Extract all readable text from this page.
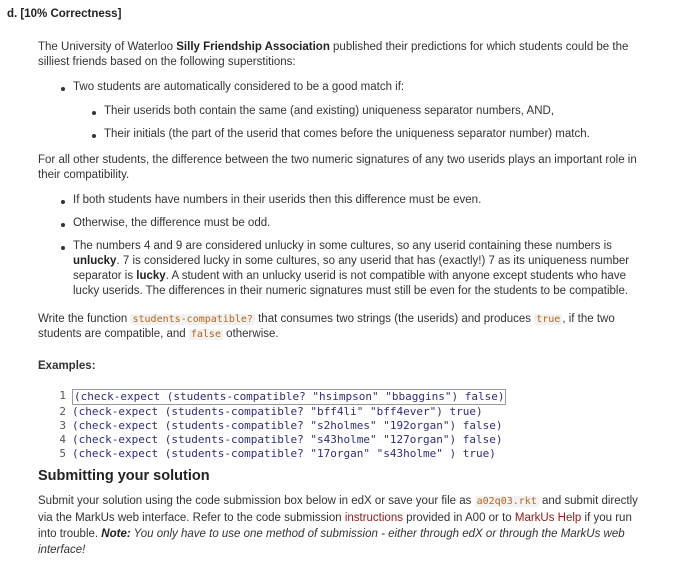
d. [10% Correctness]
The University of Waterloo Silly Friendship Association published their predictions for which students could be the silliest friends based on the following superstitions:
Two students are automatically considered to be a good match if:
Their userids both contain the same (and existing) uniqueness separator numbers, AND,
Their initials (the part of the userid that comes before the uniqueness separator number) match.
For all other students, the difference between the two numeric signatures of any two userids plays an important role in their compatibility.
If both students have numbers in their userids then this difference must be even.
Otherwise, the difference must be odd.
The numbers 4 and 9 are considered unlucky in some cultures, so any userid containing these numbers is unlucky. 7 is considered lucky in some cultures, so any userid that has (exactly!) 7 as its uniqueness number separator is lucky. A student with an unlucky userid is not compatible with anyone except students who have lucky userids. The differences in their numeric signatures must still be even for the students to be compatible.
Write the function students-compatible? that consumes two strings (the userids) and produces true , if the two students are compatible, and false otherwise.
Examples:
1 (check-expect (students-compatible? "hsimpson" "bbaggins") false)
2 (check-expect (students-compatible? "bff4li" "bff4ever") true)
3 (check-expect (students-compatible? "s2holmes" "192organ") false)
4 (check-expect (students-compatible? "s43holme" "127organ") false)
5 (check-expect (students-compatible? "17organ" "s43holme" ) true)
Submitting your solution
Submit your solution using the code submission box below in edX or save your file as a02q03.rkt and submit directly via the MarkUs web interface. Refer to the code submission instructions provided in A00 or to MarkUs Help if you run into trouble. Note: You only have to use one method of submission - either through edX or through the MarkUs web interface!
